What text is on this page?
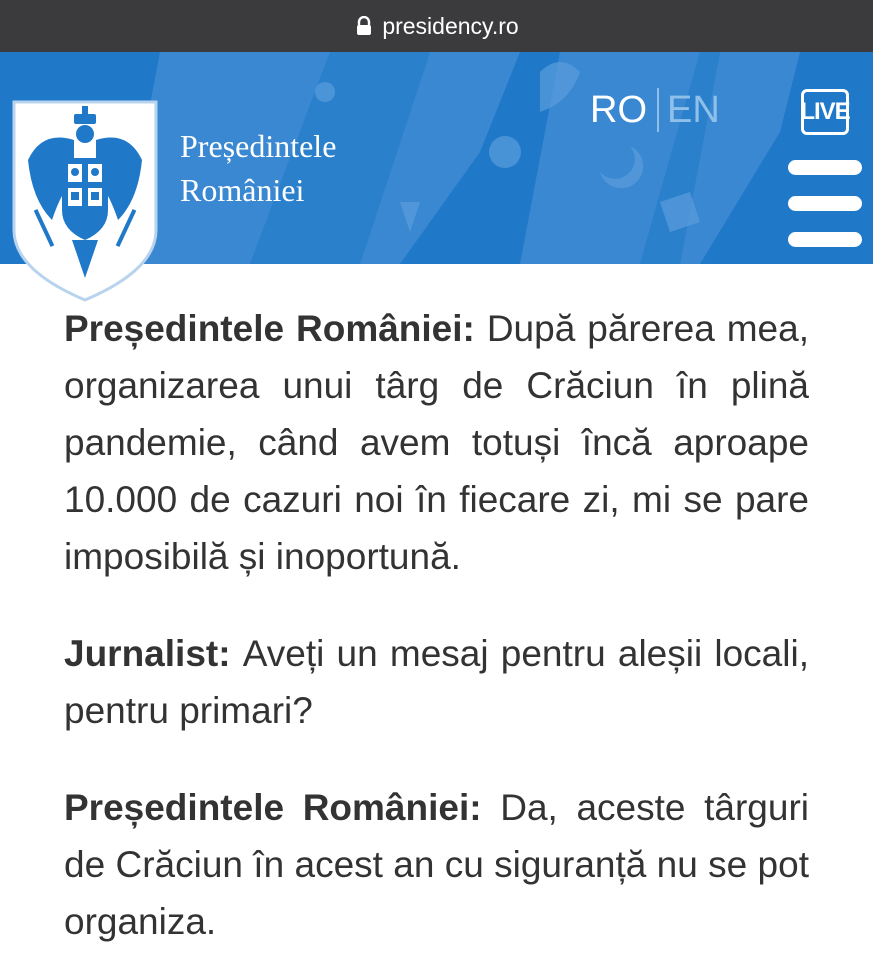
presidency.ro
Președintele
României
RO EN	LIVE

Președintele României: După părerea mea, organizarea unui târg de Crăciun în plină pandemie, când avem totuși încă aproape 10.000 de cazuri noi în fiecare zi, mi se pare imposibilă și inoportună.

Jurnalist: Aveți un mesaj pentru aleșii locali, pentru primari?

Președintele României: Da, aceste târguri de Crăciun în acest an cu siguranță nu se pot organiza.
